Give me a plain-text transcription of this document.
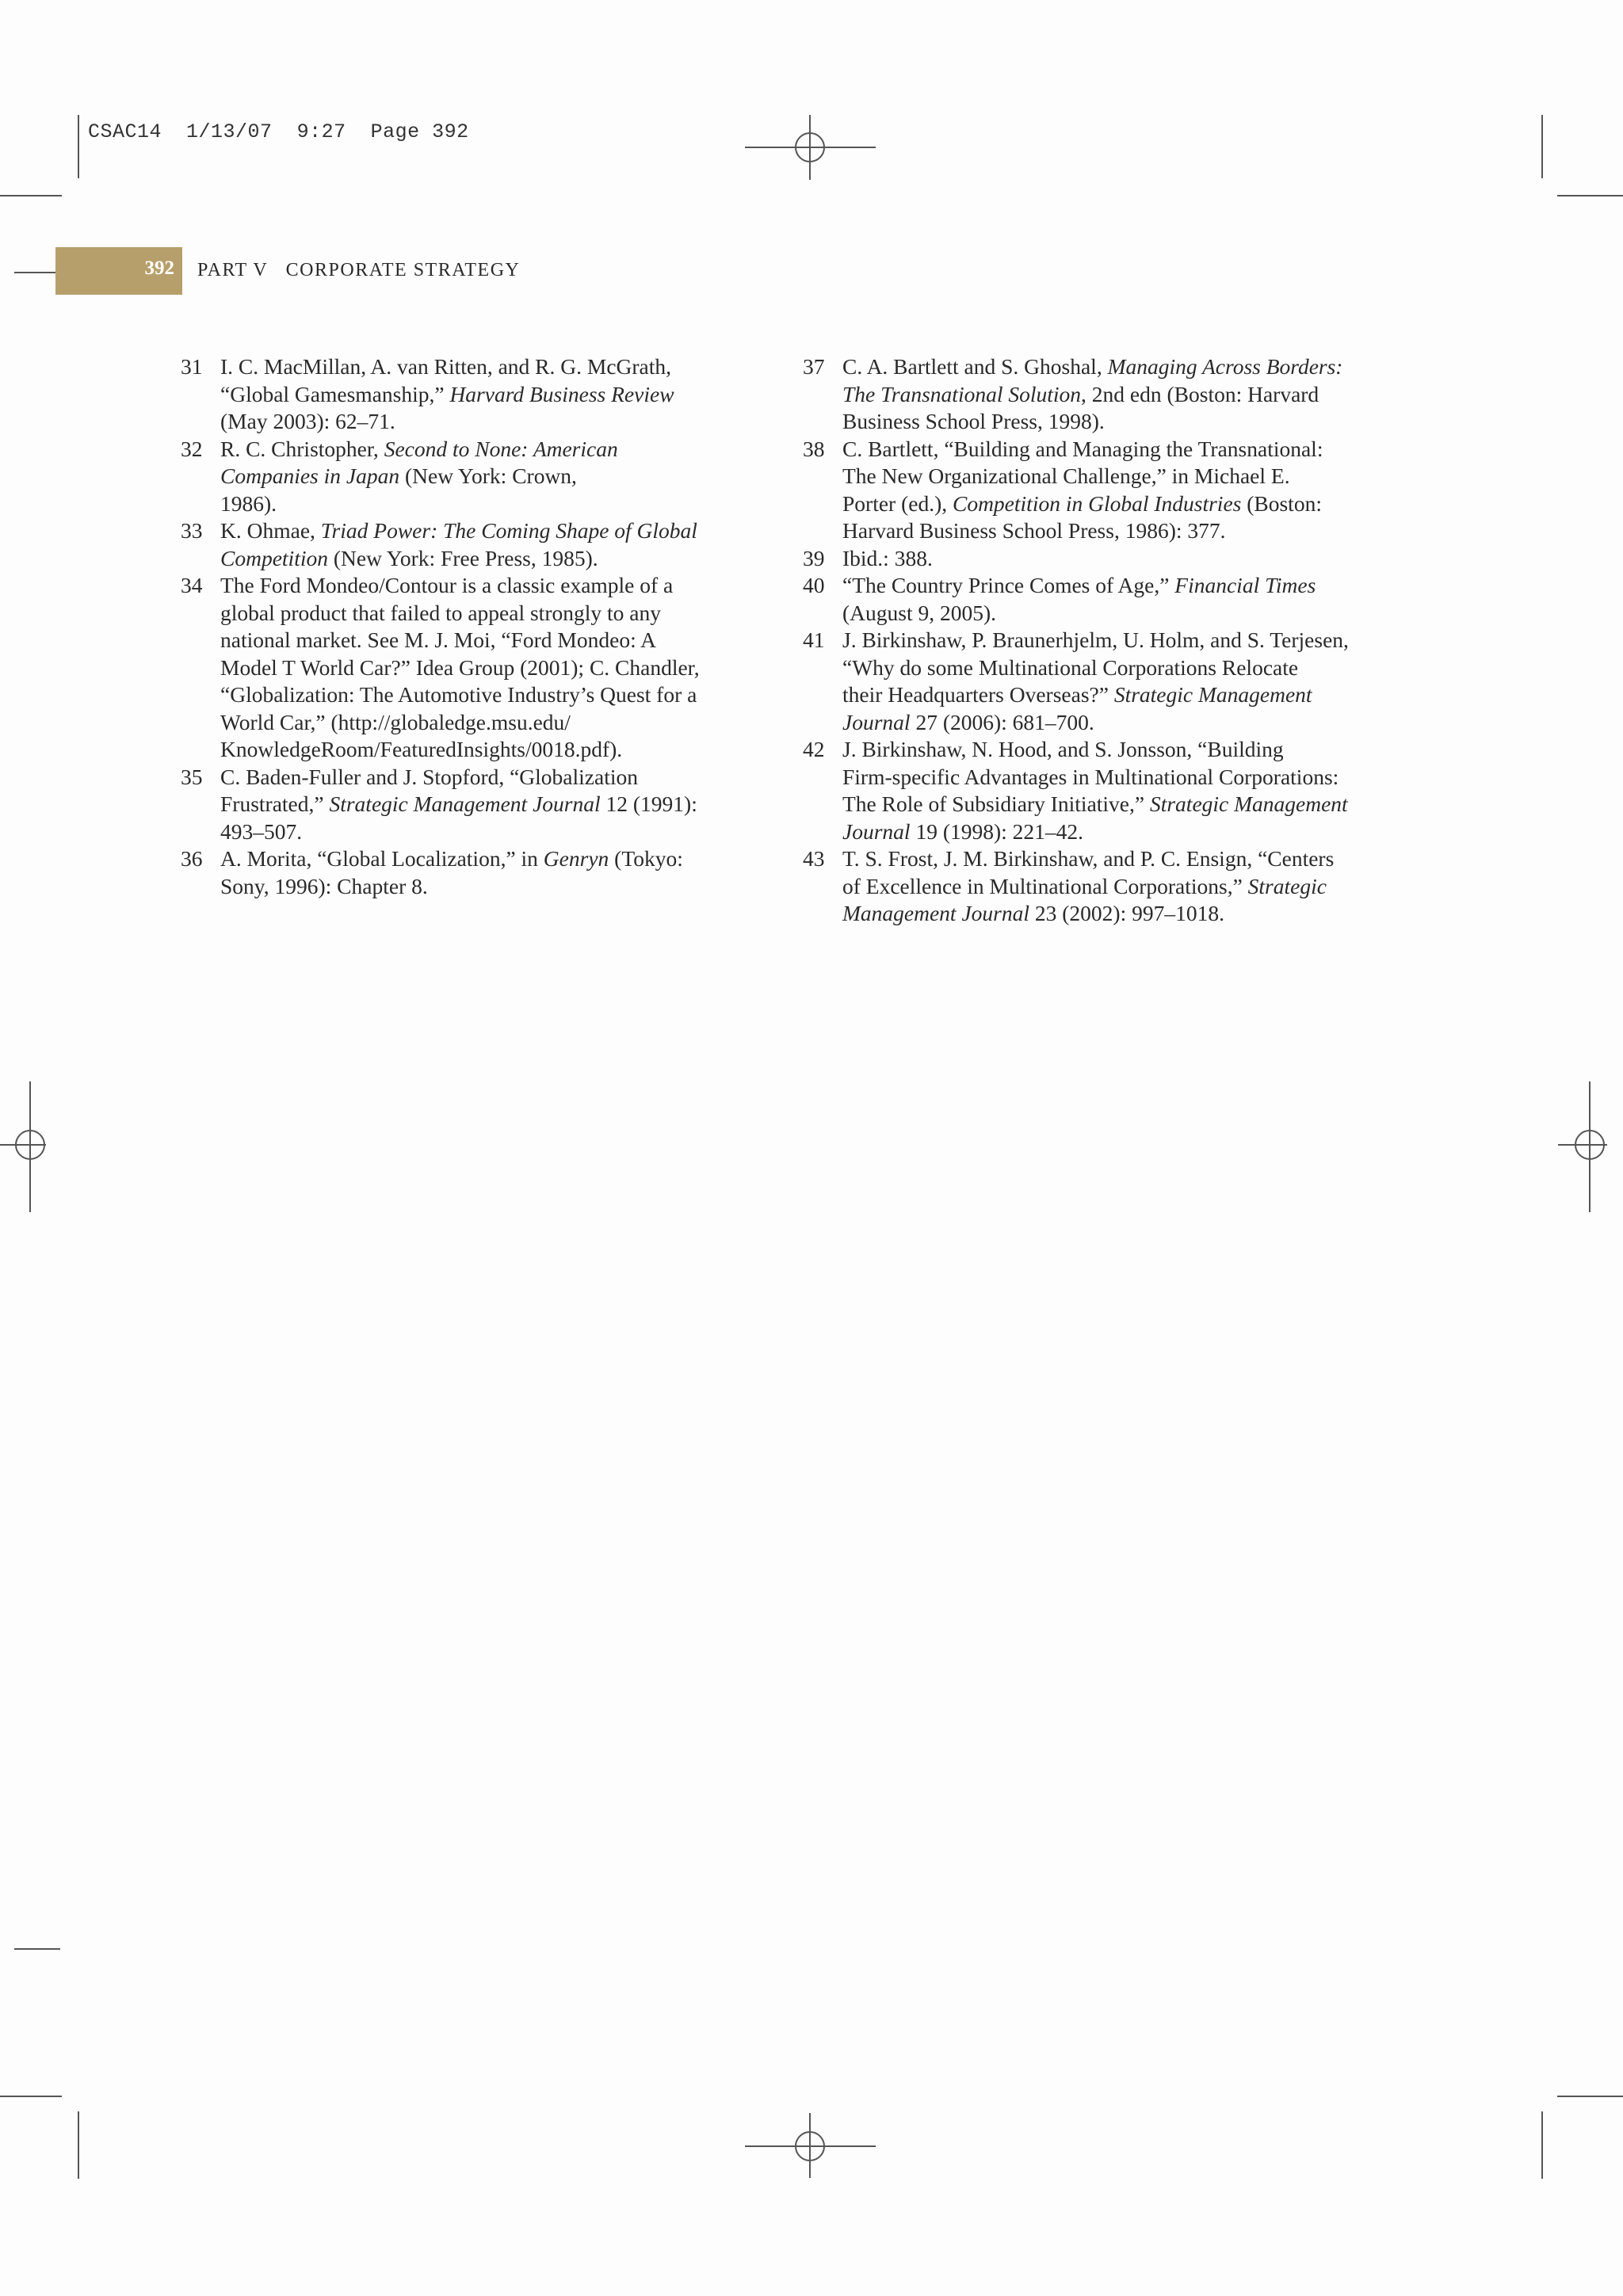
CSAC14 1/13/07 9:27 Page 392
392 PART V CORPORATE STRATEGY
31 I. C. MacMillan, A. van Ritten, and R. G. McGrath,
“Global Gamesmanship,” Harvard Business Review
(May 2003): 62–71.
32 R. C. Christopher, Second to None: American
Companies in Japan (New York: Crown,
1986).
33 K. Ohmae, Triad Power: The Coming Shape of Global
Competition (New York: Free Press, 1985).
34 The Ford Mondeo/Contour is a classic example of a
global product that failed to appeal strongly to any
national market. See M. J. Moi, “Ford Mondeo: A
Model T World Car?” Idea Group (2001); C. Chandler,
“Globalization: The Automotive Industry’s Quest for a
World Car,” (http://globaledge.msu.edu/
KnowledgeRoom/FeaturedInsights/0018.pdf).
35 C. Baden-Fuller and J. Stopford, “Globalization
Frustrated,” Strategic Management Journal 12 (1991):
493–507.
36 A. Morita, “Global Localization,” in Genryn (Tokyo:
Sony, 1996): Chapter 8.
37 C. A. Bartlett and S. Ghoshal, Managing Across Borders:
The Transnational Solution, 2nd edn (Boston: Harvard
Business School Press, 1998).
38 C. Bartlett, “Building and Managing the Transnational:
The New Organizational Challenge,” in Michael E.
Porter (ed.), Competition in Global Industries (Boston:
Harvard Business School Press, 1986): 377.
39 Ibid.: 388.
40 “The Country Prince Comes of Age,” Financial Times
(August 9, 2005).
41 J. Birkinshaw, P. Braunerhjelm, U. Holm, and S. Terjesen,
“Why do some Multinational Corporations Relocate
their Headquarters Overseas?” Strategic Management
Journal 27 (2006): 681–700.
42 J. Birkinshaw, N. Hood, and S. Jonsson, “Building
Firm-specific Advantages in Multinational Corporations:
The Role of Subsidiary Initiative,” Strategic Management
Journal 19 (1998): 221–42.
43 T. S. Frost, J. M. Birkinshaw, and P. C. Ensign, “Centers
of Excellence in Multinational Corporations,” Strategic
Management Journal 23 (2002): 997–1018.
